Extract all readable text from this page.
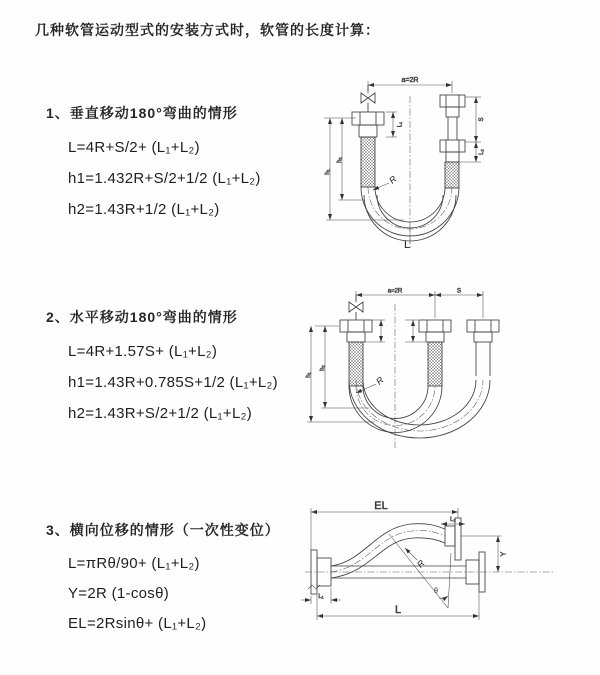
几种软管运动型式的安装方式时，软管的长度计算：
1、垂直移动180°弯曲的情形
L=4R+S/2+ (L₁+L₂)
h1=1.432R+S/2+1/2 (L₁+L₂)
h2=1.43R+1/2 (L₁+L₂)
2、水平移动180°弯曲的情形
L=4R+1.57S+ (L₁+L₂)
h1=1.43R+0.785S+1/2 (L₁+L₂)
h2=1.43R+S/2+1/2 (L₁+L₂)
3、横向位移的情形（一次性变位）
L=πRθ/90+ (L₁+L₂)
Y=2R (1-cosθ)
EL=2Rsinθ+ (L₁+L₂)
a=2R
L₁
S
L₂
h₂
h₁
R
L
a=2R	S
h₂
h₁	R
EL
L₂
Y
L₁
L
θ
R
